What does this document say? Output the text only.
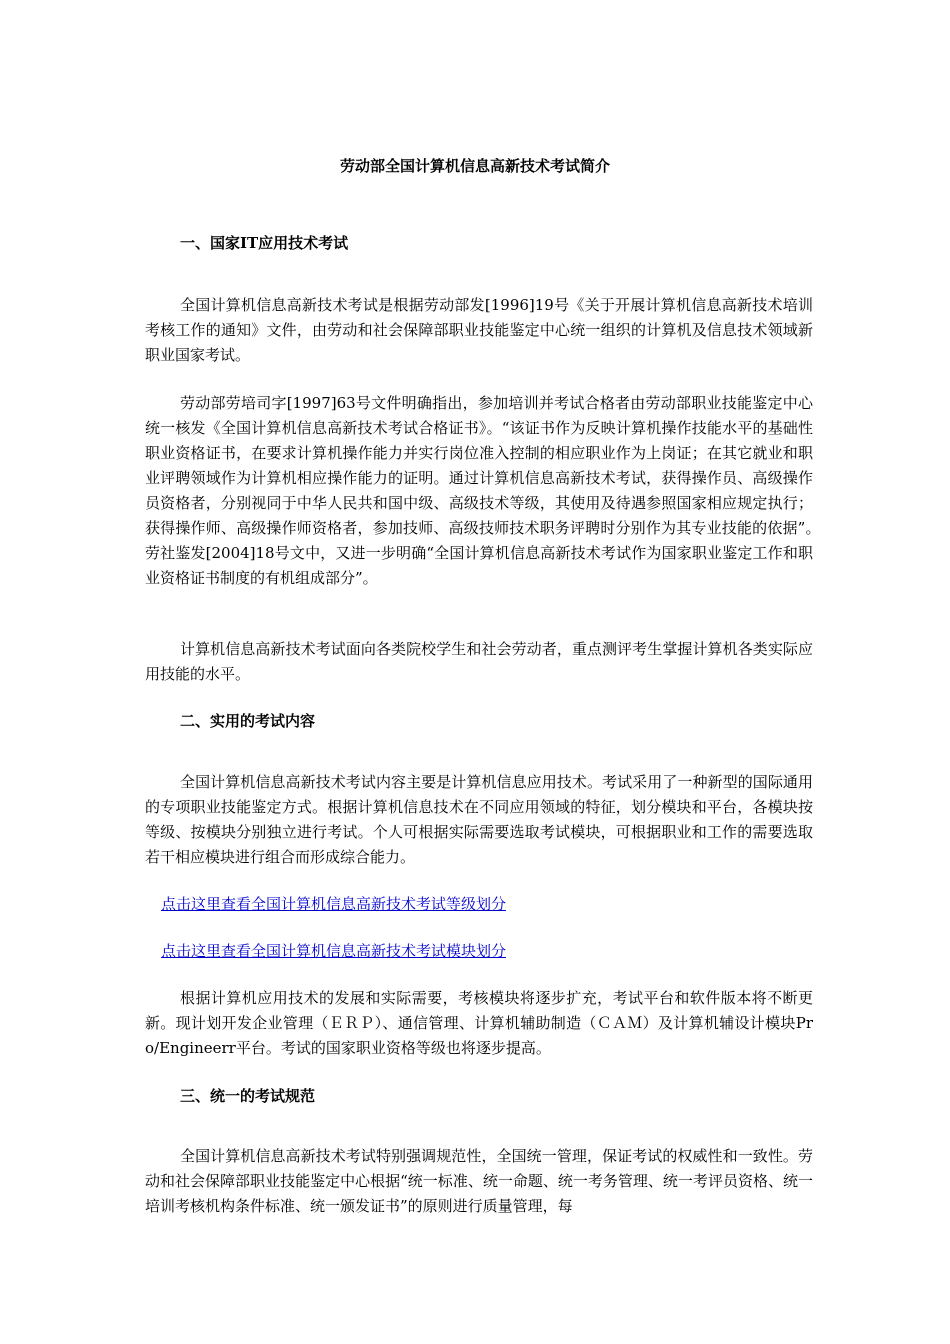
劳动部全国计算机信息高新技术考试简介
一、国家IT应用技术考试
全国计算机信息高新技术考试是根据劳动部发[1996]19号《关于开展计算机信息高新技术培训考核工作的通知》文件，由劳动和社会保障部职业技能鉴定中心统一组织的计算机及信息技术领域新职业国家考试。
劳动部劳培司字[1997]63号文件明确指出，参加培训并考试合格者由劳动部职业技能鉴定中心统一核发《全国计算机信息高新技术考试合格证书》。“该证书作为反映计算机操作技能水平的基础性职业资格证书，在要求计算机操作能力并实行岗位准入控制的相应职业作为上岗证；在其它就业和职业评聘领域作为计算机相应操作能力的证明。通过计算机信息高新技术考试，获得操作员、高级操作员资格者，分别视同于中华人民共和国中级、高级技术等级，其使用及待遇参照国家相应规定执行；获得操作师、高级操作师资格者，参加技师、高级技师技术职务评聘时分别作为其专业技能的依据”。　劳社鉴发[2004]18号文中，又进一步明确“全国计算机信息高新技术考试作为国家职业鉴定工作和职业资格证书制度的有机组成部分”。
计算机信息高新技术考试面向各类院校学生和社会劳动者，重点测评考生掌握计算机各类实际应用技能的水平。
二、实用的考试内容
全国计算机信息高新技术考试内容主要是计算机信息应用技术。考试采用了一种新型的国际通用的专项职业技能鉴定方式。根据计算机信息技术在不同应用领域的特征，划分模块和平台，各模块按等级、按模块分别独立进行考试。个人可根据实际需要选取考试模块，可根据职业和工作的需要选取若干相应模块进行组合而形成综合能力。
点击这里查看全国计算机信息高新技术考试等级划分
点击这里查看全国计算机信息高新技术考试模块划分
根据计算机应用技术的发展和实际需要，考核模块将逐步扩充，考试平台和软件版本将不断更新。现计划开发企业管理（ＥＲＰ）、通信管理、计算机辅助制造（ＣＡＭ）及计算机辅设计模块Pro/Engineerr平台。考试的国家职业资格等级也将逐步提高。
三、统一的考试规范
全国计算机信息高新技术考试特别强调规范性，全国统一管理，保证考试的权威性和一致性。劳动和社会保障部职业技能鉴定中心根据“统一标准、统一命题、统一考务管理、统一考评员资格、统一培训考核机构条件标准、统一颁发证书”的原则进行质量管理，每
